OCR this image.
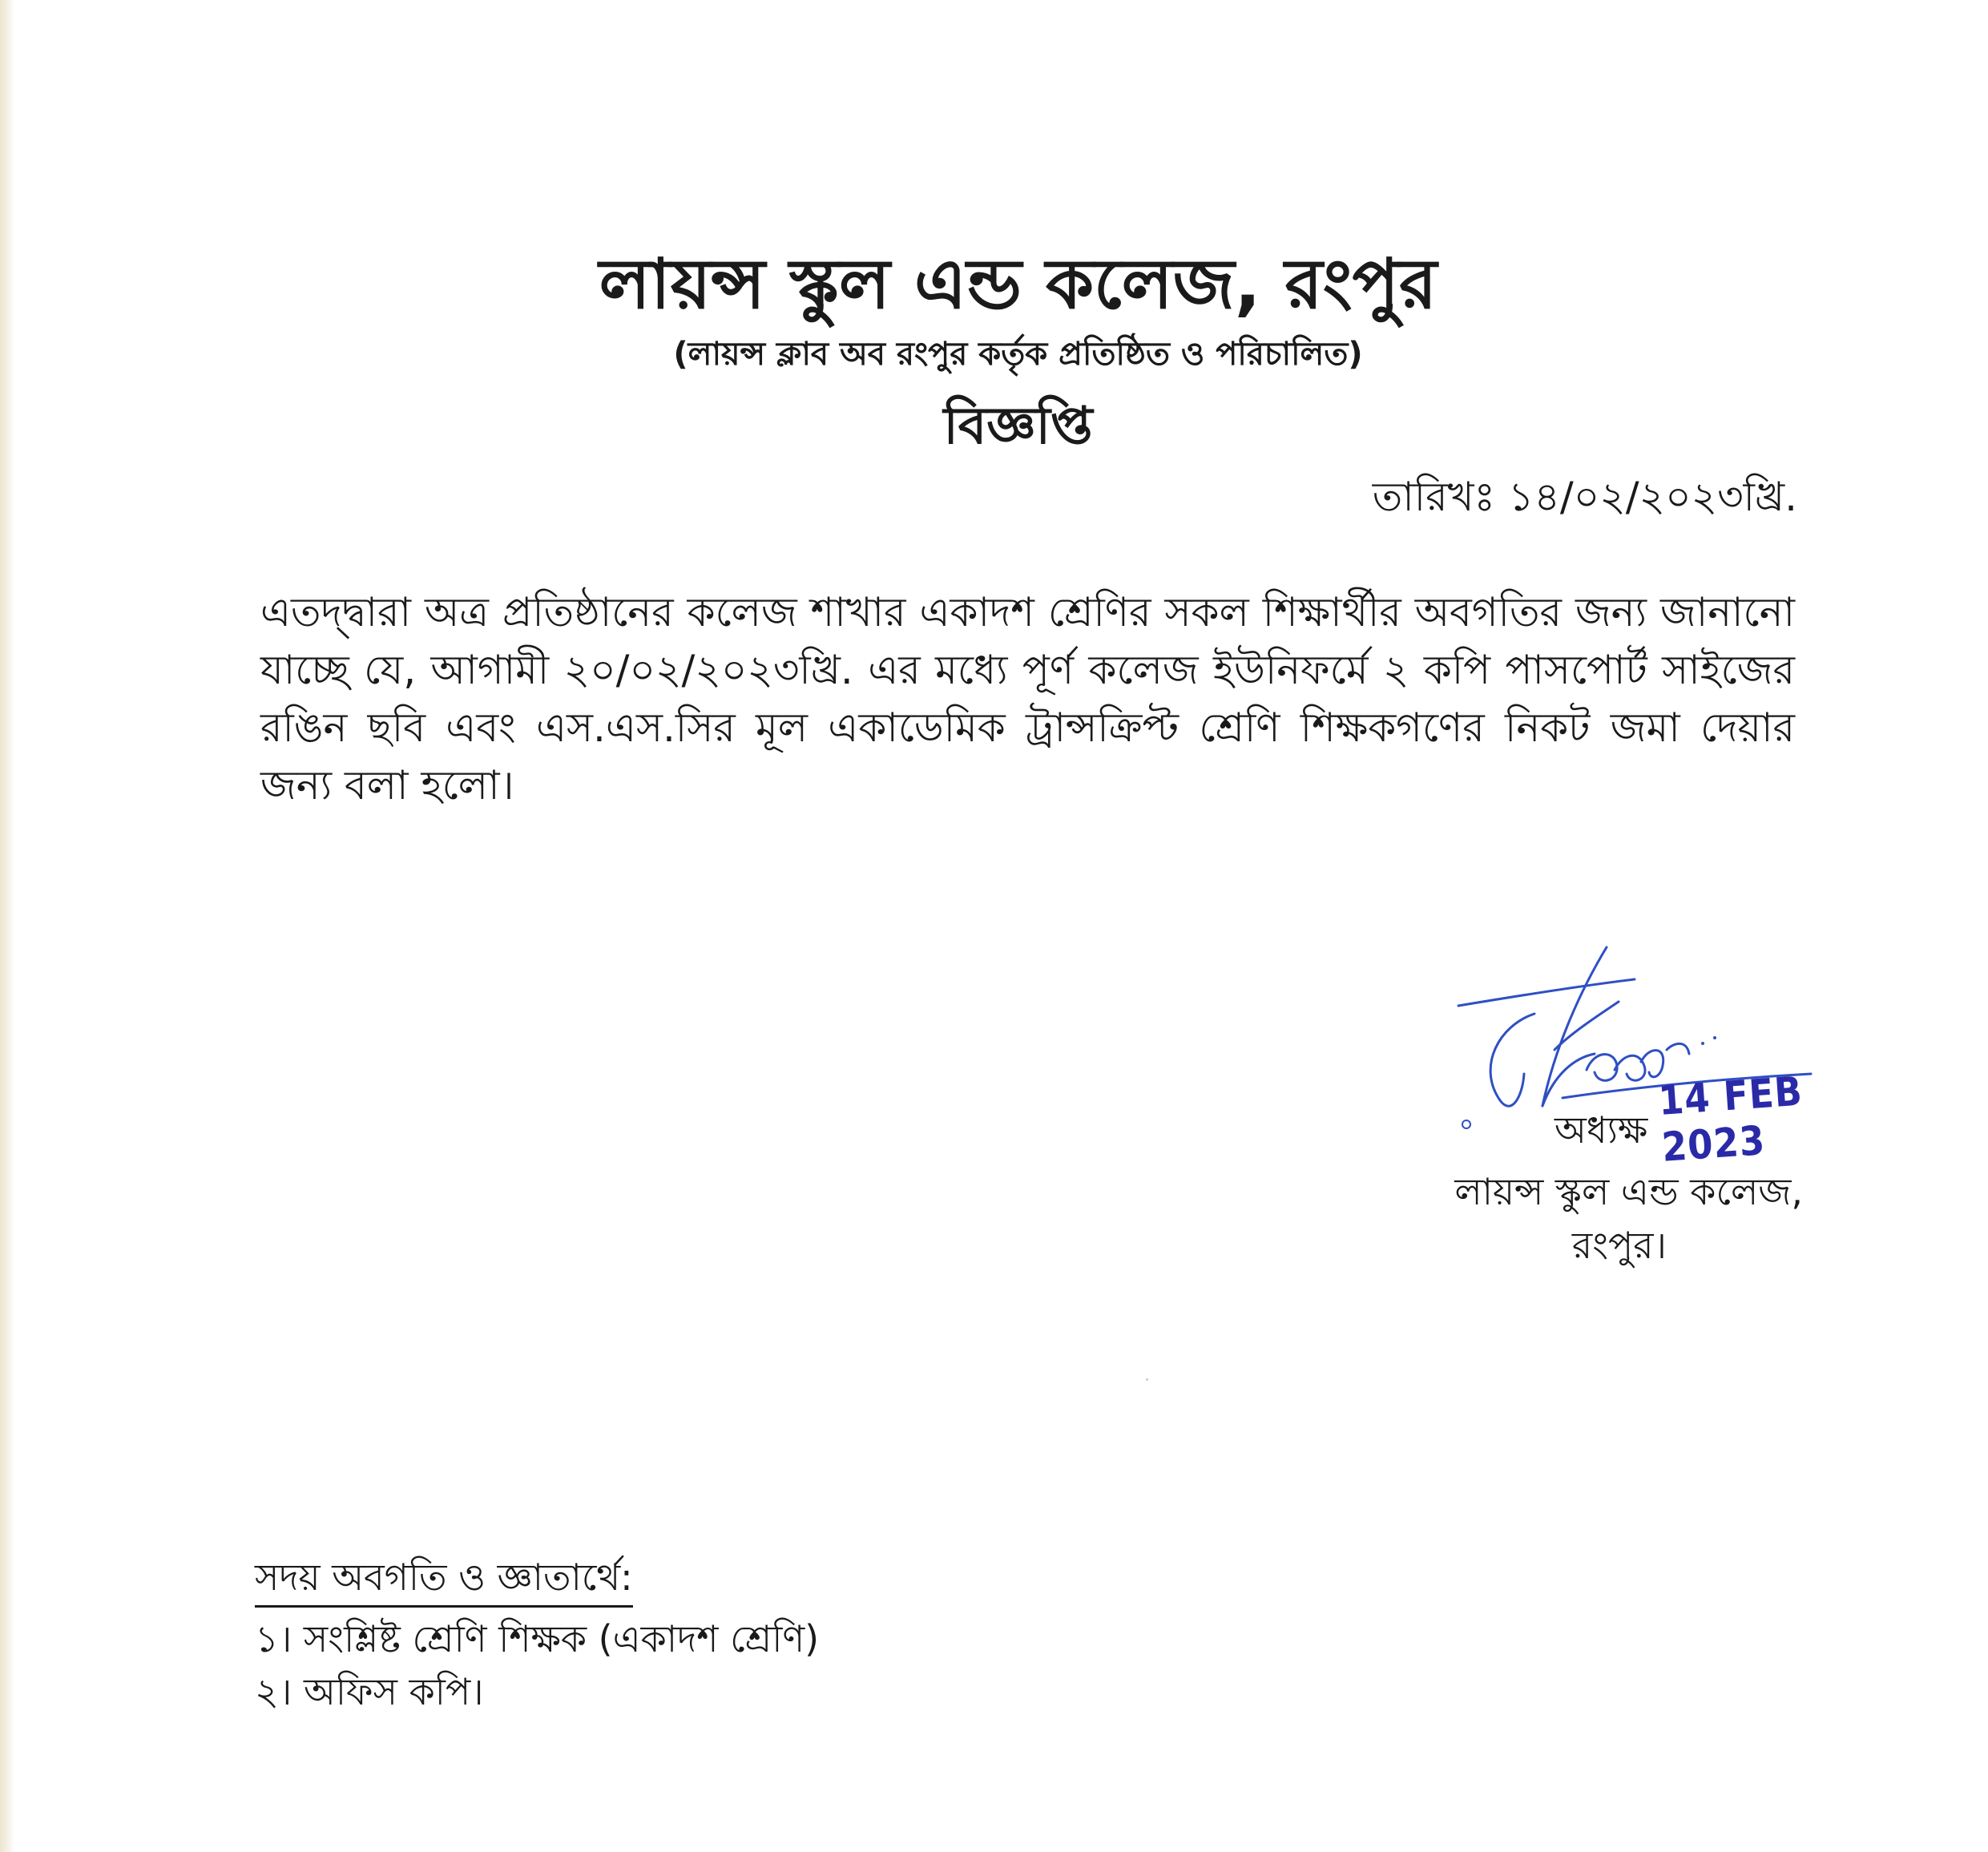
লায়ন্স স্কুল এন্ড কলেজ, রংপুর
(লায়ন্স ক্লাব অব রংপুর কর্তৃক প্রতিষ্ঠিত ও পরিচালিত)
বিজ্ঞপ্তি
তারিখঃ ১৪/০২/২০২৩খ্রি.

এতদ্দ্বারা অত্র প্রতিষ্ঠানের কলেজ শাখার একাদশ শ্রেণির সকল শিক্ষার্থীর অবগতির জন্য জানানো যাচ্ছে যে, আগামী ২০/০২/২০২৩খ্রি. এর মধ্যে পূর্ণ কলেজ ইউনিফর্মে ২ কপি পাসপোর্ট সাইজের রঙিন ছবি এবং এস.এস.সির মূল একাডেমিক ট্রান্সক্রিপ্ট শ্রেণি শিক্ষকগণের নিকট জমা দেয়ার জন্য বলা হলো।

14 FEB 2023
অধ্যক্ষ
লায়ন্স স্কুল এন্ড কলেজ,
রংপুর।
সদয় অবগতি ও জ্ঞাতার্থে:
১। সংশ্লিষ্ট শ্রেণি শিক্ষক (একাদশ শ্রেণি)
২। অফিস কপি।
